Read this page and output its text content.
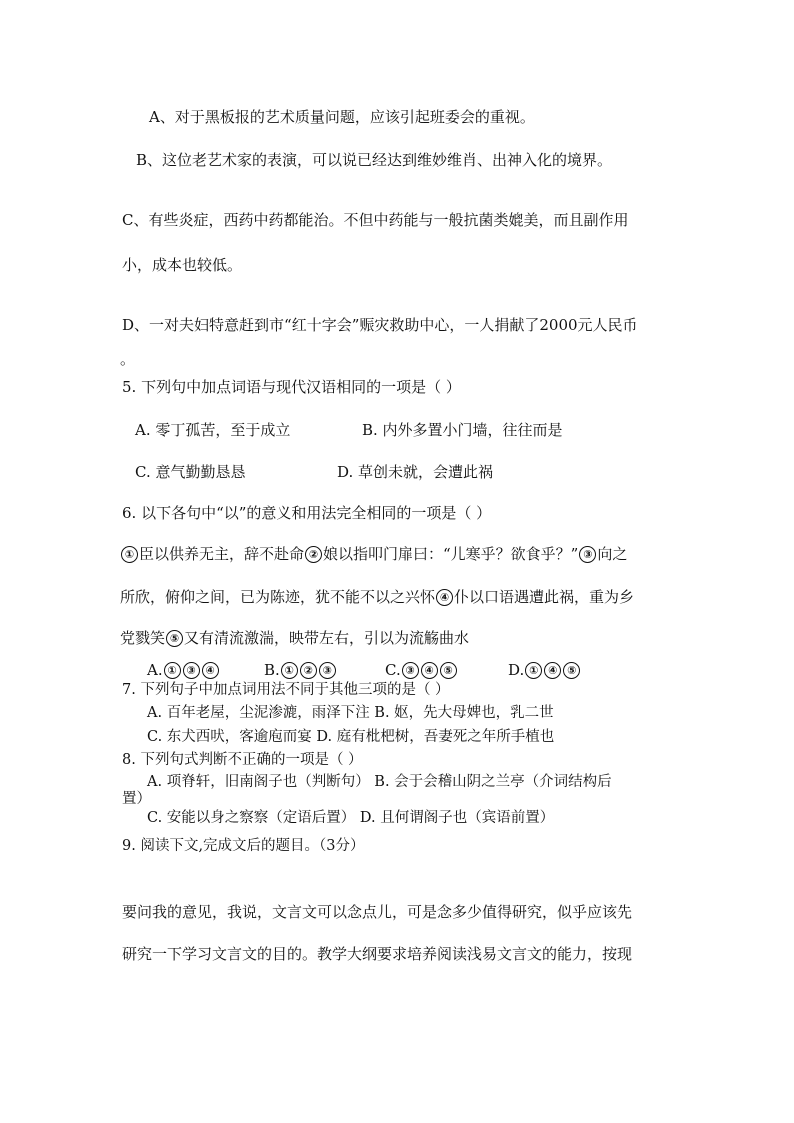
A、对于黑板报的艺术质量问题，应该引起班委会的重视。
B、这位老艺术家的表演，可以说已经达到维妙维肖、出神入化的境界。
C、有些炎症，西药中药都能治。不但中药能与一般抗菌类媲美，而且副作用
小，成本也较低。
D、一对夫妇特意赶到市“红十字会”赈灾救助中心，一人捐献了2000元人民币
。
5. 下列句中加点词语与现代汉语相同的一项是（ ）
A. 零丁孤苦，至于成立	B. 内外多置小门墙，往往而是
C. 意气勤勤恳恳	D. 草创未就，会遭此祸
6. 以下各句中“以”的意义和用法完全相同的一项是（ ）
① 臣以供养无主，辞不赴命 ② 娘以指叩门扉曰：“儿寒乎？欲食乎？” ③ 向之
所欣，俯仰之间，已为陈迹，犹不能不以之兴怀 ④ 仆以口语遇遭此祸，重为乡
党戮笑 ⑤ 又有清流激湍，映带左右，引以为流觞曲水
A. ① ③ ④	B. ① ② ③	C. ③ ④ ⑤	D. ① ④ ⑤
7. 下列句子中加点词用法不同于其他三项的是（ ）
A. 百年老屋，尘泥渗漉，雨泽下注 B. 妪，先大母婢也，乳二世
C. 东犬西吠，客逾庖而宴 D. 庭有枇杷树，吾妻死之年所手植也
8. 下列句式判断不正确的一项是（ ）
A. 项脊轩，旧南阁子也（判断句） B. 会于会稽山阴之兰亭（介词结构后
置）
C. 安能以身之察察（定语后置） D. 且何谓阁子也（宾语前置）
9. 阅读下文,完成文后的题目。（3分）
要问我的意见，我说，文言文可以念点儿，可是念多少值得研究，似乎应该先
研究一下学习文言文的目的。教学大纲要求培养阅读浅易文言文的能力，按现
